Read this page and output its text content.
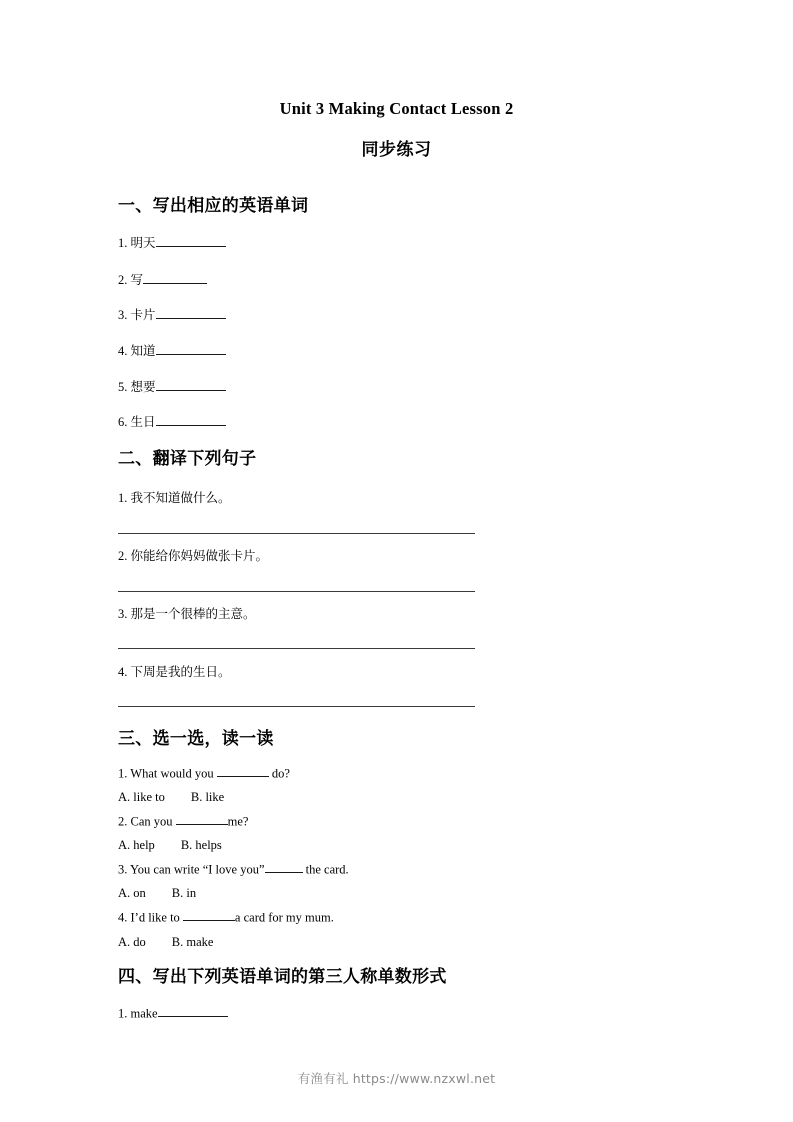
Unit 3 Making Contact Lesson 2
同步练习
一、写出相应的英语单词
1. 明天
2. 写
3. 卡片
4. 知道
5. 想要
6. 生日
二、翻译下列句子
1. 我不知道做什么。
2. 你能给你妈妈做张卡片。
3. 那是一个很棒的主意。
4. 下周是我的生日。
三、选一选，读一读
1. What would you	do?
A. like to B. like
2. Can you	me?
A. help B. helps
3. You can write “I love you”	the card.
A. on B. in
4. I’d like to	a card for my mum.
A. do B. make
四、写出下列英语单词的第三人称单数形式
1. make
有渔有礼 https://www.nzxwl.net
